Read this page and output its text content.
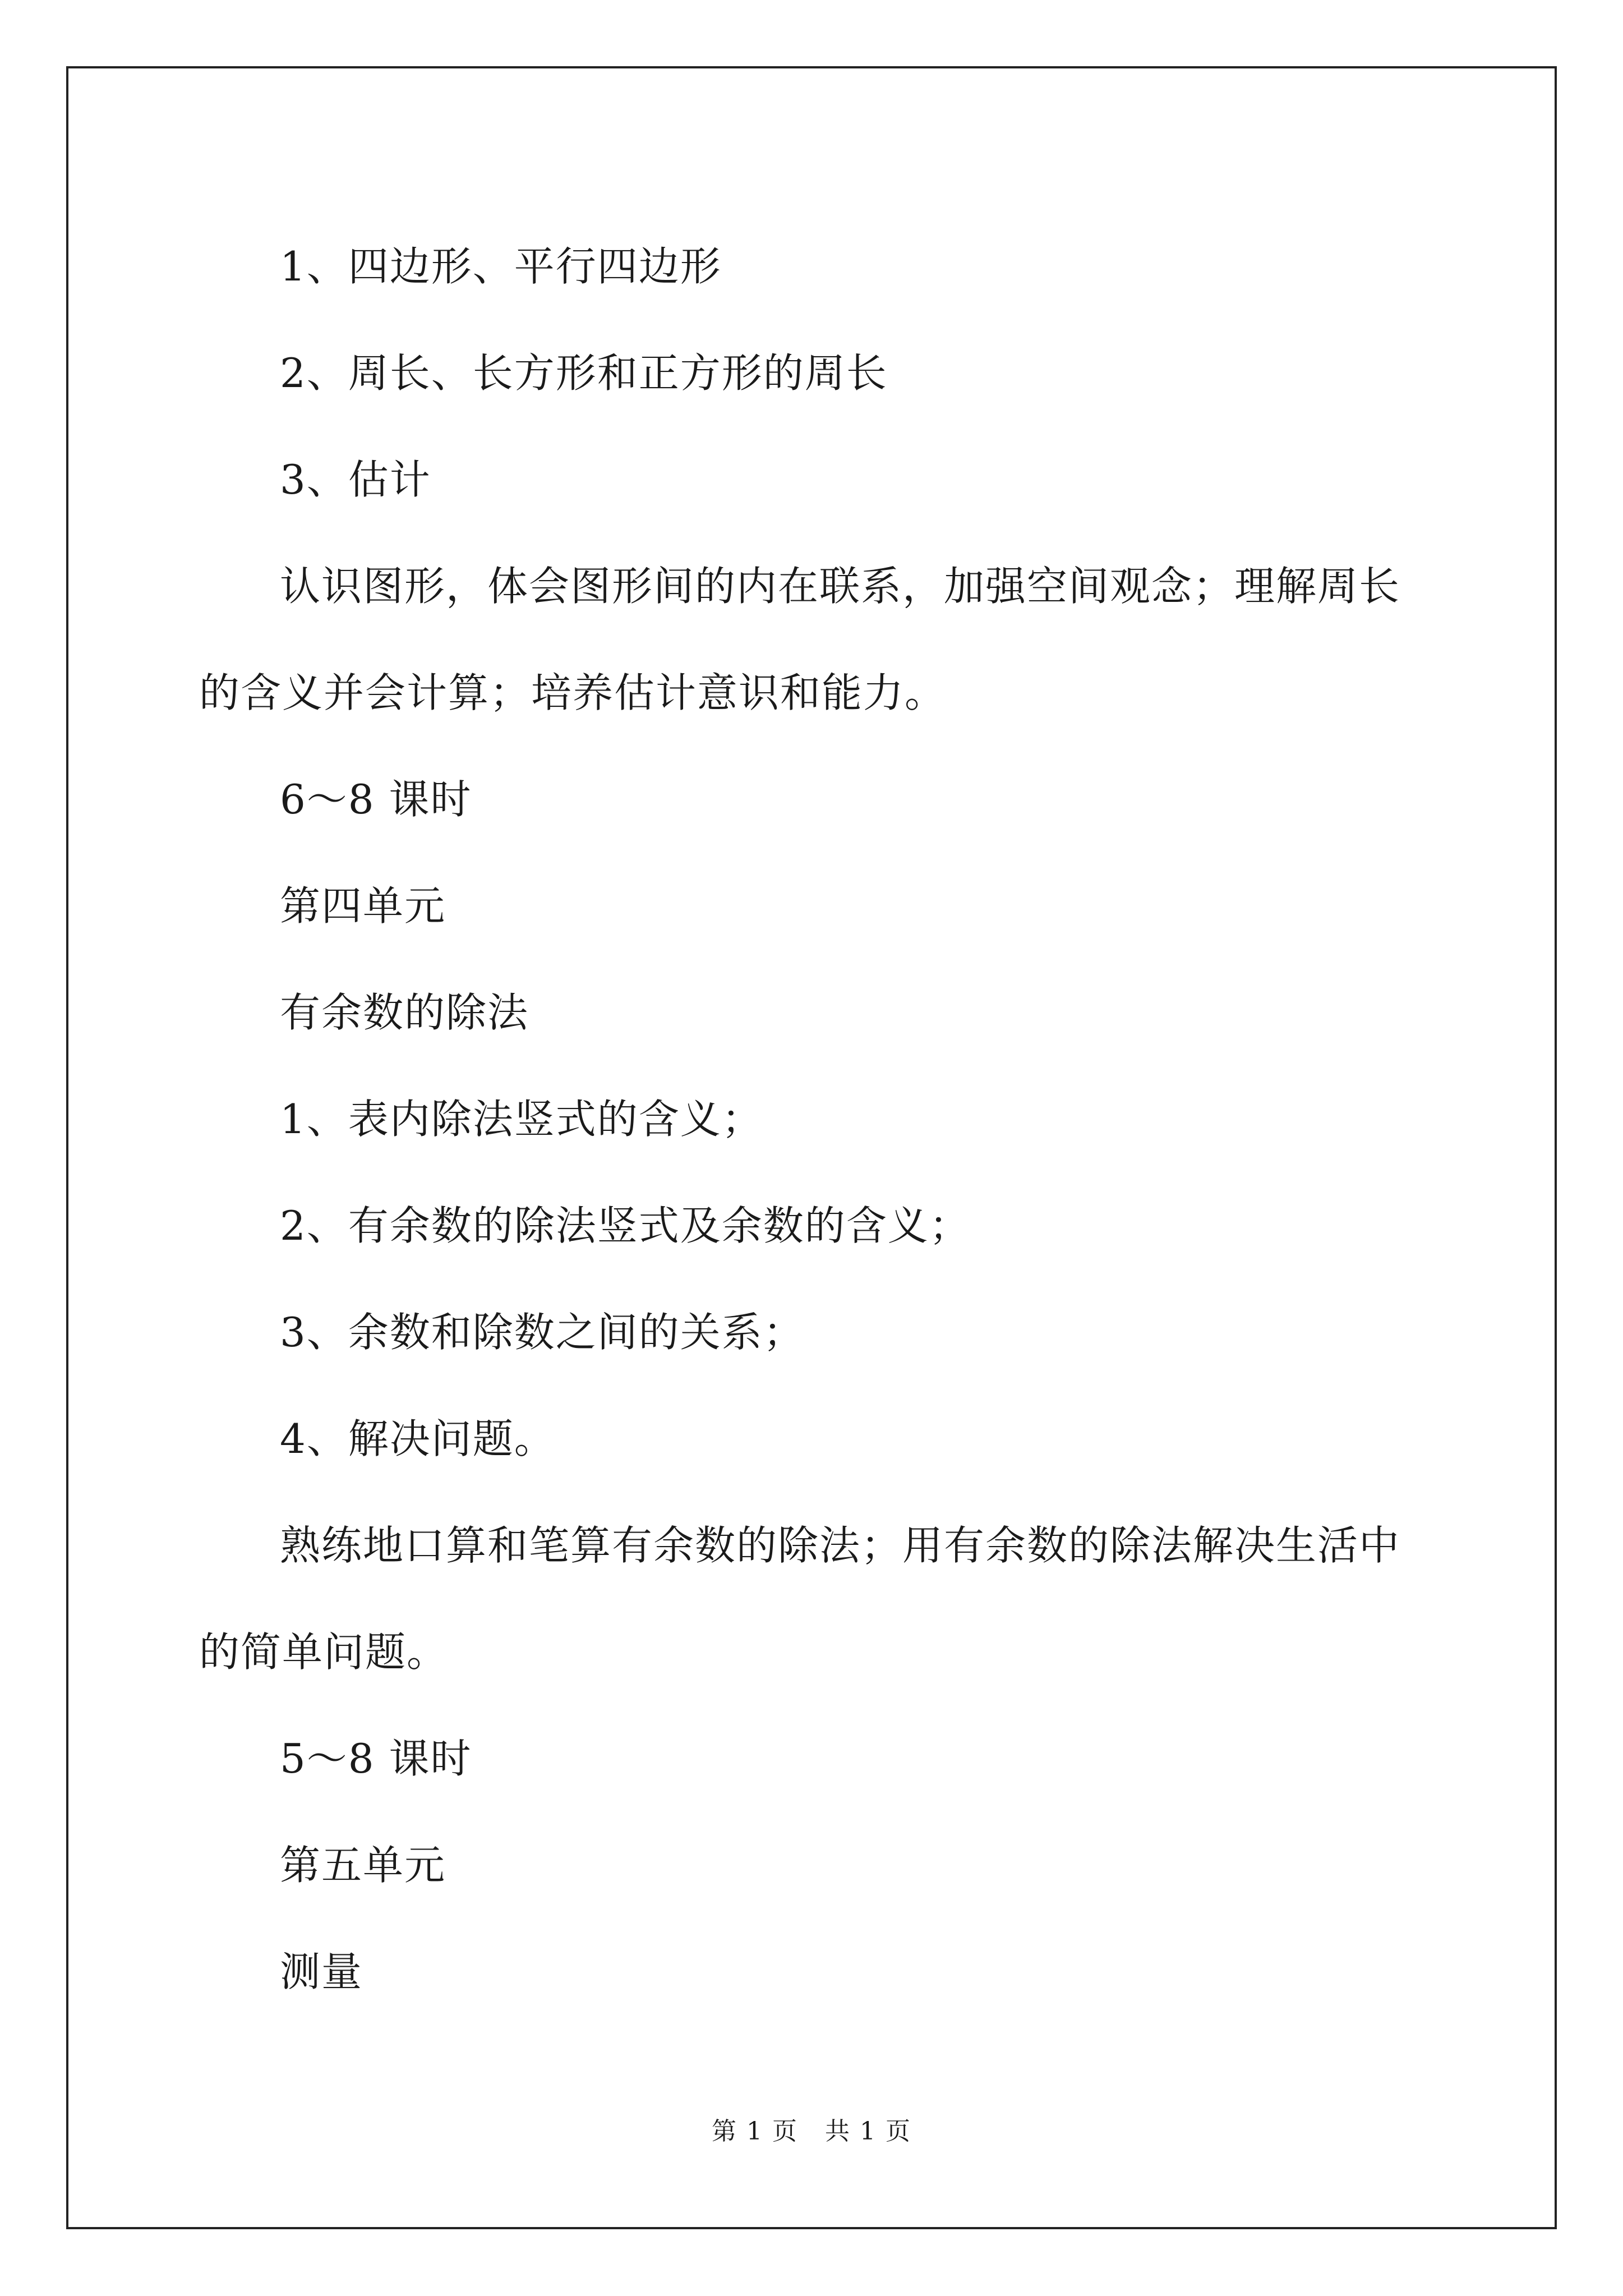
1、四边形、平行四边形

2、周长、长方形和正方形的周长

3、估计

认识图形，体会图形间的内在联系，加强空间观念；理解周长的含义并会计算；培养估计意识和能力。

6～8 课时

第四单元

有余数的除法

1、表内除法竖式的含义；

2、有余数的除法竖式及余数的含义；

3、余数和除数之间的关系；

4、解决问题。

熟练地口算和笔算有余数的除法；用有余数的除法解决生活中的简单问题。

5～8 课时

第五单元

测量

第 1 页 共 1 页
